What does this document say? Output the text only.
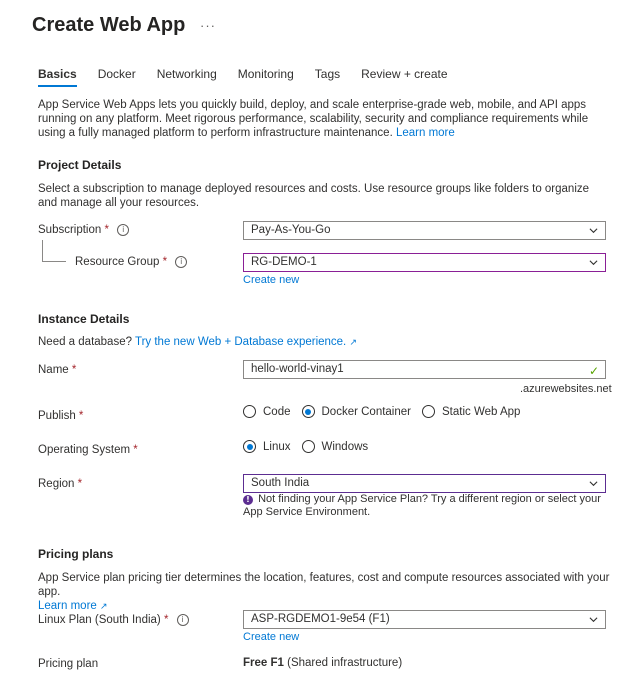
Create Web App ···
Basics Docker Networking Monitoring Tags Review + create
App Service Web Apps lets you quickly build, deploy, and scale enterprise-grade web, mobile, and API apps running on any platform. Meet rigorous performance, scalability, security and compliance requirements while using a fully managed platform to perform infrastructure maintenance. Learn more
Project Details
Select a subscription to manage deployed resources and costs. Use resource groups like folders to organize and manage all your resources.
Subscription * i	Pay-As-You-Go
Resource Group * i	RG-DEMO-1
Create new
Instance Details
Need a database? Try the new Web + Database experience. ↗
Name *	hello-world-vinay1	✓
.azurewebsites.net
Publish *	Code	Docker Container	Static Web App
Operating System *	Linux	Windows
Region *	South India
! Not finding your App Service Plan? Try a different region or select your App Service Environment.
Pricing plans
App Service plan pricing tier determines the location, features, cost and compute resources associated with your app.
Learn more ↗
Linux Plan (South India) * i	ASP-RGDEMO1-9e54 (F1)
Create new
Pricing plan	Free F1 (Shared infrastructure)
